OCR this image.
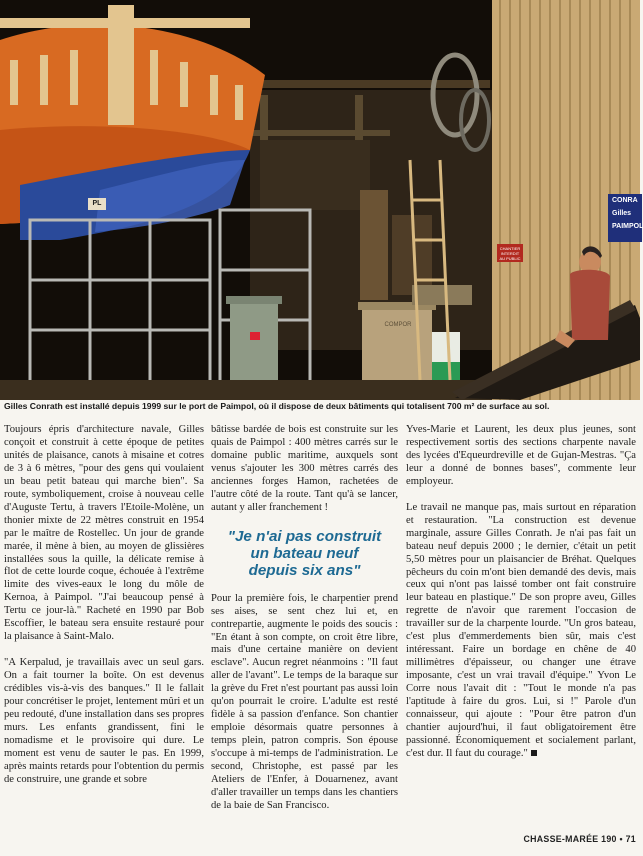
PL	CONRA
Gilles
PAIMPOL
CHANTIER
INTERDIT
AU PUBLIC
COMPOR
Gilles Conrath est installé depuis 1999 sur le port de Paimpol, où il dispose de deux bâtiments qui totalisent 700 m² de surface au sol.

Toujours épris d'architecture navale, Gilles conçoit et construit à cette époque de petites unités de plaisance, canots à misaine et cotres de 3 à 6 mètres, "pour des gens qui voulaient un beau petit bateau qui marche bien". Sa route, symboliquement, croise à nouveau celle d'Auguste Tertu, à travers l'Etoile-Molène, un thonier mixte de 22 mètres construit en 1954 par le maître de Rostellec. Un jour de grande marée, il mène à bien, au moyen de glissières installées sous la quille, la délicate remise à flot de cette lourde coque, échouée à l'extrême limite des vives-eaux le long du môle de Kernoa, à Paimpol. "J'ai beaucoup pensé à Tertu ce jour-là." Racheté en 1990 par Bob Escoffier, le bateau sera ensuite restauré pour la plaisance à Saint-Malo.

"A Kerpalud, je travaillais avec un seul gars. On a fait tourner la boîte. On est devenus crédibles vis-à-vis des banques." Il le fallait pour concrétiser le projet, lentement mûri et un peu redouté, d'une installation dans ses propres murs. Les enfants grandissent, fini le nomadisme et le provisoire qui dure. Le moment est venu de sauter le pas. En 1999, après maints retards pour l'obtention du permis de construire, une grande et sobre

bâtisse bardée de bois est construite sur les quais de Paimpol : 400 mètres carrés sur le domaine public maritime, auxquels sont venus s'ajouter les 300 mètres carrés des anciennes forges Hamon, rachetées de l'autre côté de la route. Tant qu'à se lancer, autant y aller franchement !

"Je n'ai pas construit
un bateau neuf
depuis six ans"

Pour la première fois, le charpentier prend ses aises, se sent chez lui et, en contrepartie, augmente le poids des soucis : "En étant à son compte, on croit être libre, mais d'une certaine manière on devient esclave". Aucun regret néanmoins : "Il faut aller de l'avant". Le temps de la baraque sur la grève du Fret n'est pourtant pas aussi loin qu'on pourrait le croire. L'adulte est resté fidèle à sa passion d'enfance. Son chantier emploie désormais quatre personnes à temps plein, patron compris. Son épouse s'occupe à mi-temps de l'administration. Le second, Christophe, est passé par les Ateliers de l'Enfer, à Douarnenez, avant d'aller travailler un temps dans les chantiers de la baie de San Francisco.

Yves-Marie et Laurent, les deux plus jeunes, sont respectivement sortis des sections charpente navale des lycées d'Equeurdreville et de Gujan-Mestras. "Ça leur a donné de bonnes bases", commente leur employeur.

Le travail ne manque pas, mais surtout en réparation et restauration. "La construction est devenue marginale, assure Gilles Conrath. Je n'ai pas fait un bateau neuf depuis 2000 ; le dernier, c'était un petit 5,50 mètres pour un plaisancier de Bréhat. Quelques pêcheurs du coin m'ont bien demandé des devis, mais ceux qui n'ont pas laissé tomber ont fait construire leur bateau en plastique." De son propre aveu, Gilles regrette de n'avoir que rarement l'occasion de travailler sur de la charpente lourde. "Un gros bateau, c'est plus d'emmerdements bien sûr, mais c'est intéressant. Faire un bordage en chêne de 40 millimètres d'épaisseur, ou changer une étrave imposante, c'est un vrai travail d'équipe." Yvon Le Corre nous l'avait dit : "Tout le monde n'a pas l'aptitude à faire du gros. Lui, si !" Parole d'un connaisseur, qui ajoute : "Pour être patron d'un chantier aujourd'hui, il faut obligatoirement être passionné. Économiquement et socialement parlant, c'est dur. Il faut du courage."

CHASSE-MARÉE 190 • 71
